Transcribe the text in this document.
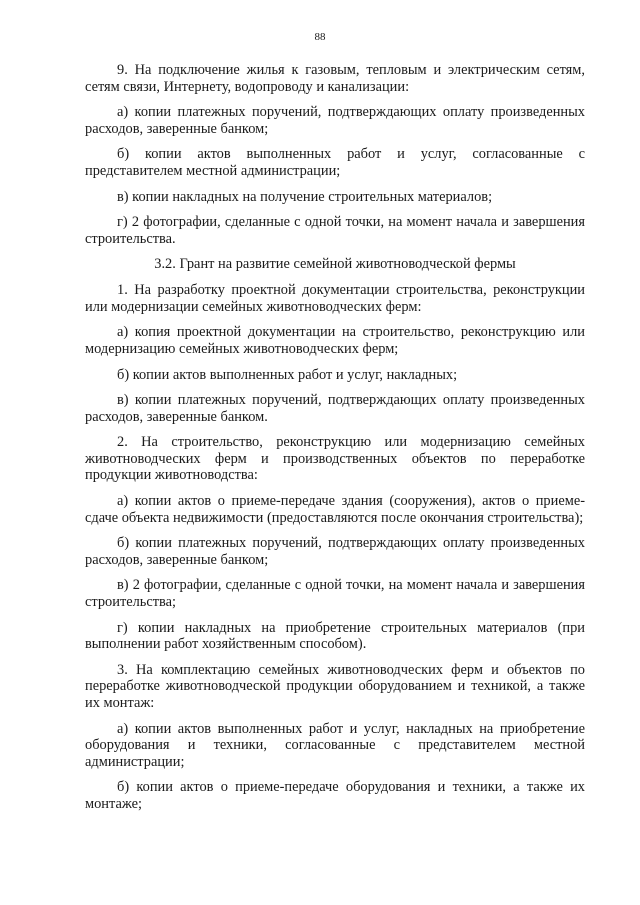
88

9. На подключение жилья к газовым, тепловым и электрическим сетям, сетям связи, Интернету, водопроводу и канализации:

а) копии платежных поручений, подтверждающих оплату произведенных расходов, заверенные банком;

б) копии актов выполненных работ и услуг, согласованные с представителем местной администрации;

в) копии накладных на получение строительных материалов;

г) 2 фотографии, сделанные с одной точки, на момент начала и завершения строительства.

3.2. Грант на развитие семейной животноводческой фермы

1. На разработку проектной документации строительства, реконструкции или модернизации семейных животноводческих ферм:

а) копия проектной документации на строительство, реконструкцию или модернизацию семейных животноводческих ферм;

б) копии актов выполненных работ и услуг, накладных;

в) копии платежных поручений, подтверждающих оплату произведенных расходов, заверенные банком.

2. На строительство, реконструкцию или модернизацию семейных животноводческих ферм и производственных объектов по переработке продукции животноводства:

а) копии актов о приеме-передаче здания (сооружения), актов о приеме-сдаче объекта недвижимости (предоставляются после окончания строительства);

б) копии платежных поручений, подтверждающих оплату произведенных расходов, заверенные банком;

в) 2 фотографии, сделанные с одной точки, на момент начала и завершения строительства;

г) копии накладных на приобретение строительных материалов (при выполнении работ хозяйственным способом).

3. На комплектацию семейных животноводческих ферм и объектов по переработке животноводческой продукции оборудованием и техникой, а также их монтаж:

а) копии актов выполненных работ и услуг, накладных на приобретение оборудования и техники, согласованные с представителем местной администрации;

б) копии актов о приеме-передаче оборудования и техники, а также их монтаже;
